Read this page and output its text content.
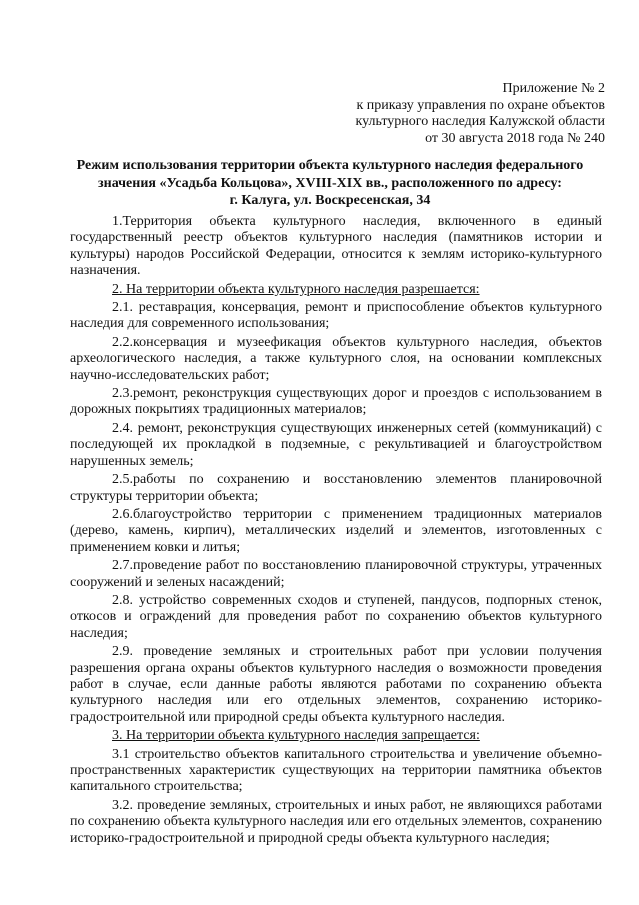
Приложение № 2
к приказу управления по охране объектов
культурного наследия Калужской области
от 30 августа 2018 года № 240
Режим использования территории объекта культурного наследия федерального
значения «Усадьба Кольцова», XVIII-XIX вв., расположенного по адресу:
г. Калуга, ул. Воскресенская, 34

1.Территория объекта культурного наследия, включенного в единый государственный реестр объектов культурного наследия (памятников истории и культуры) народов Российской Федерации, относится к землям историко-культурного назначения.

2. На территории объекта культурного наследия разрешается:

2.1. реставрация, консервация, ремонт и приспособление объектов культурного наследия для современного использования;

2.2.консервация и музеефикация объектов культурного наследия, объектов археологического наследия, а также культурного слоя, на основании комплексных научно-исследовательских работ;

2.3.ремонт, реконструкция существующих дорог и проездов с использованием в дорожных покрытиях традиционных материалов;

2.4. ремонт, реконструкция существующих инженерных сетей (коммуникаций) с последующей их прокладкой в подземные, с рекультивацией и благоустройством нарушенных земель;

2.5.работы по сохранению и восстановлению элементов планировочной структуры территории объекта;

2.6.благоустройство территории с применением традиционных материалов (дерево, камень, кирпич), металлических изделий и элементов, изготовленных с применением ковки и литья;

2.7.проведение работ по восстановлению планировочной структуры, утраченных сооружений и зеленых насаждений;

2.8. устройство современных сходов и ступеней, пандусов, подпорных стенок, откосов и ограждений для проведения работ по сохранению объектов культурного наследия;

2.9. проведение земляных и строительных работ при условии получения разрешения органа охраны объектов культурного наследия о возможности проведения работ в случае, если данные работы являются работами по сохранению объекта культурного наследия или его отдельных элементов, сохранению историко-градостроительной или природной среды объекта культурного наследия.

3. На территории объекта культурного наследия запрещается:

3.1 строительство объектов капитального строительства и увеличение объемно-пространственных характеристик существующих на территории памятника объектов капитального строительства;

3.2. проведение земляных, строительных и иных работ, не являющихся работами по сохранению объекта культурного наследия или его отдельных элементов, сохранению историко-градостроительной и природной среды объекта культурного наследия;
